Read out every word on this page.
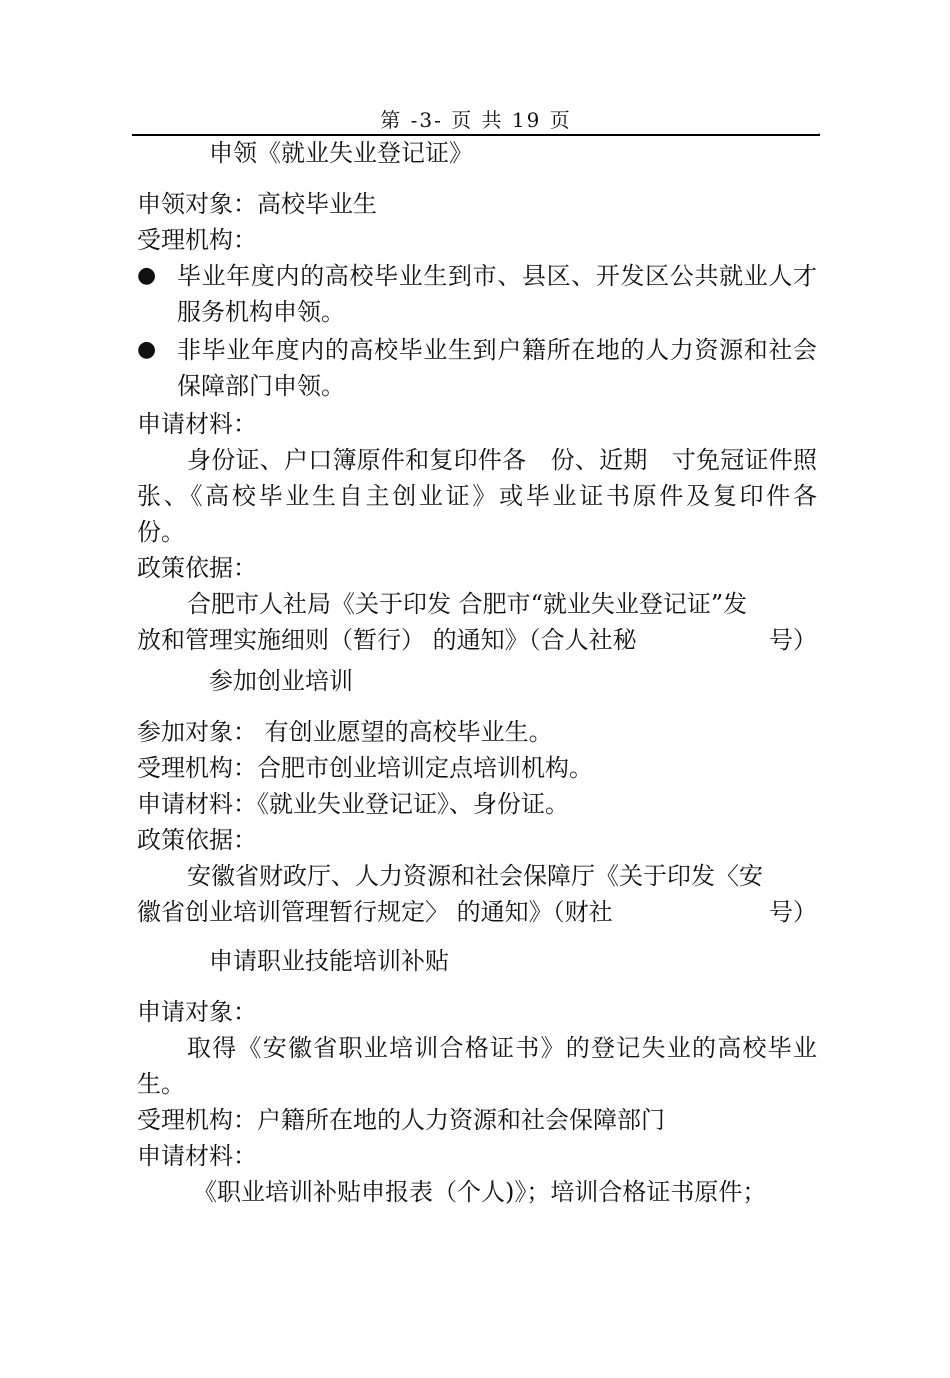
第 -3- 页 共 19 页	.
申领《就业失业登记证》
申领对象：高校毕业生
受理机构：
● 毕业年度内的高校毕业生到市、县区、开发区公共就业人才服务机构申领。
● 非毕业年度内的高校毕业生到户籍所在地的人力资源和社会保障部门申领。
申请材料：
身份证、户口簿原件和复印件各　份、近期　寸免冠证件照　 张、《高校毕业生自主创业证》或毕业证书原件及复印件各　份。
政策依据：
合肥市人社局《关于印发 合肥市“就业失业登记证”发
放和管理实施细则（暂行） 的通知》（合人社秘	号）
参加创业培训
参加对象： 有创业愿望的高校毕业生。
受理机构：合肥市创业培训定点培训机构。
申请材料：《就业失业登记证》、身份证。
政策依据：
安徽省财政厅、人力资源和社会保障厅《关于印发〈安
徽省创业培训管理暂行规定〉 的通知》（财社	号）
申请职业技能培训补贴
申请对象：
取得《安徽省职业培训合格证书》的登记失业的高校毕业生。
受理机构：户籍所在地的人力资源和社会保障部门
申请材料：
《职业培训补贴申报表（个人)》；培训合格证书原件；
